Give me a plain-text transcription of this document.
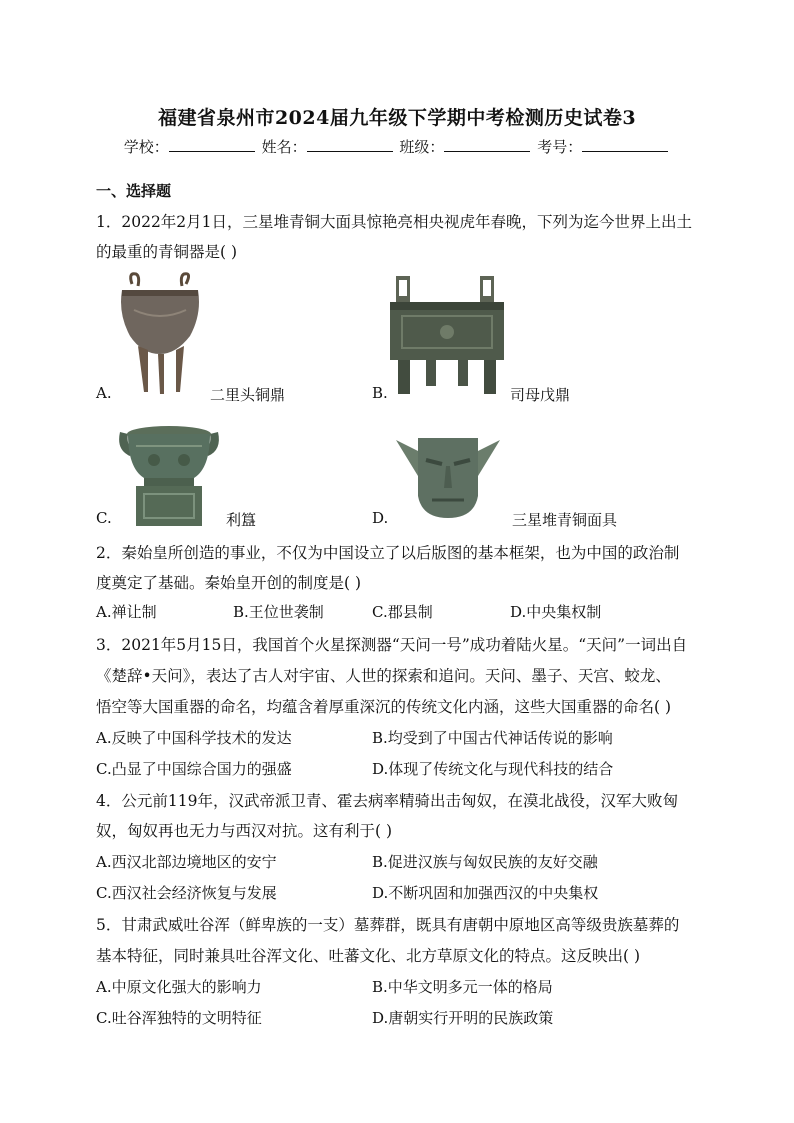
福建省泉州市2024届九年级下学期中考检测历史试卷3
学校：	姓名：	班级：	考号：
一、选择题
1．2022年2月1日，三星堆青铜大面具惊艳亮相央视虎年春晚，下列为迄今世界上出土
的最重的青铜器是( )
A.	二里头铜鼎	B.	司母戊鼎
C.	利簋	D.	三星堆青铜面具
2．秦始皇所创造的事业，不仅为中国设立了以后版图的基本框架，也为中国的政治制
度奠定了基础。秦始皇开创的制度是( )
A.禅让制	B.王位世袭制	C.郡县制	D.中央集权制
3．2021年5月15日，我国首个火星探测器“天问一号”成功着陆火星。“天问”一词出自
《楚辞•天问》，表达了古人对宇宙、人世的探索和追问。天问、墨子、天宫、蛟龙、
悟空等大国重器的命名，均蕴含着厚重深沉的传统文化内涵，这些大国重器的命名( )
A.反映了中国科学技术的发达	B.均受到了中国古代神话传说的影响
C.凸显了中国综合国力的强盛	D.体现了传统文化与现代科技的结合
4．公元前119年，汉武帝派卫青、霍去病率精骑出击匈奴，在漠北战役，汉军大败匈
奴，匈奴再也无力与西汉对抗。这有利于( )
A.西汉北部边境地区的安宁	B.促进汉族与匈奴民族的友好交融
C.西汉社会经济恢复与发展	D.不断巩固和加强西汉的中央集权
5．甘肃武威吐谷浑（鲜卑族的一支）墓葬群，既具有唐朝中原地区高等级贵族墓葬的
基本特征，同时兼具吐谷浑文化、吐蕃文化、北方草原文化的特点。这反映出( )
A.中原文化强大的影响力	B.中华文明多元一体的格局
C.吐谷浑独特的文明特征	D.唐朝实行开明的民族政策
